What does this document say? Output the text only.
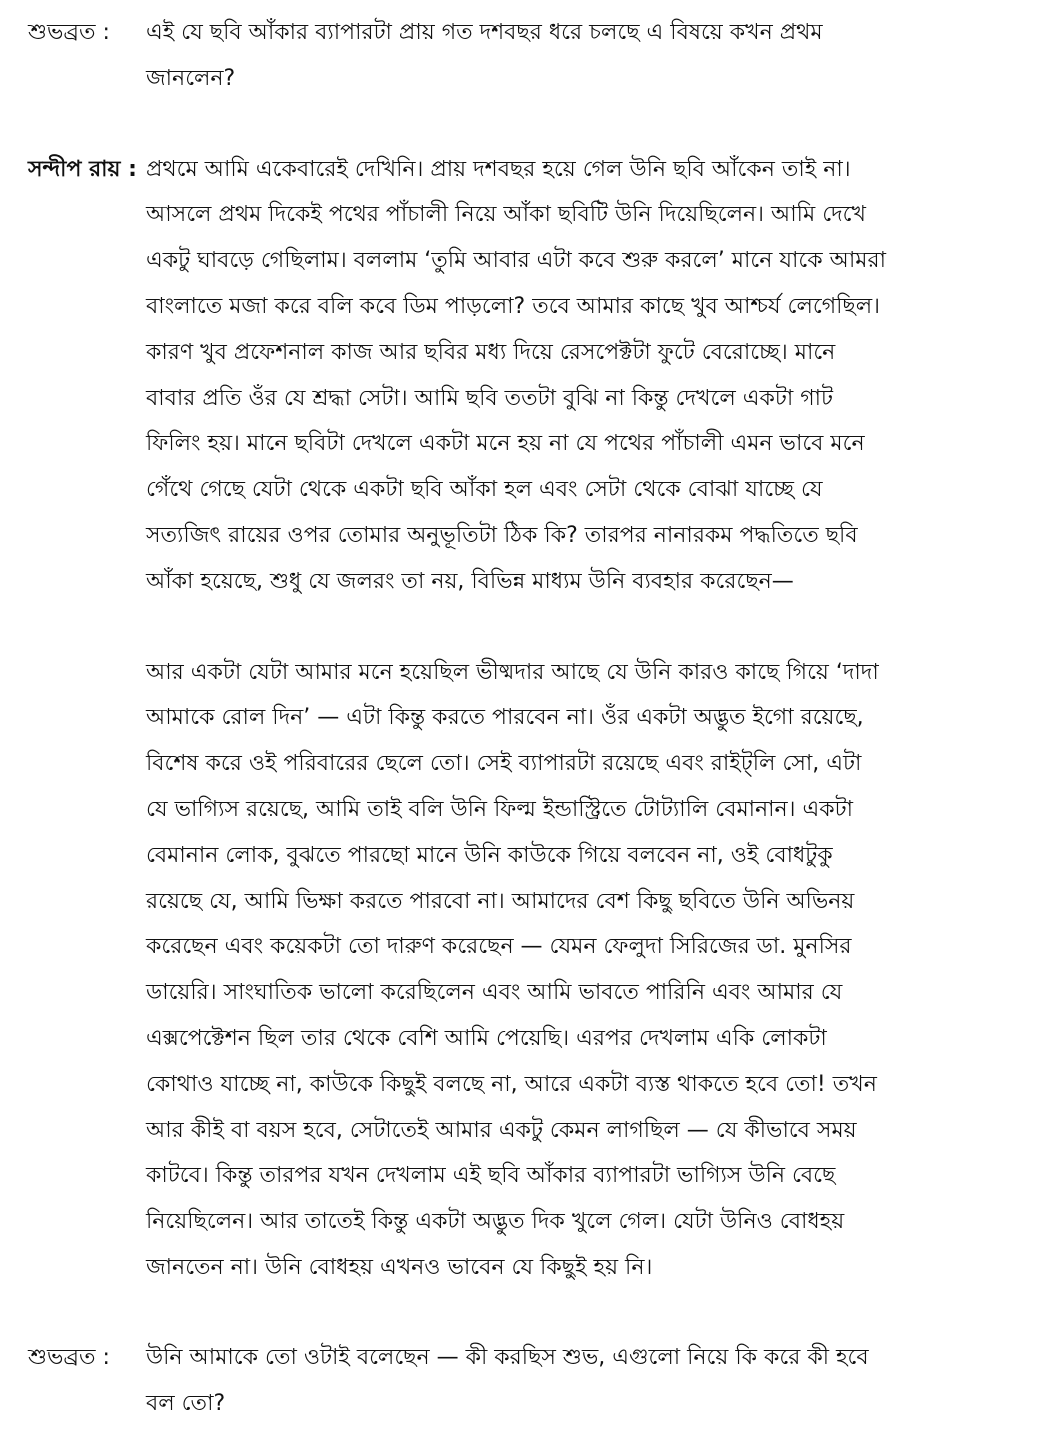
শুভব্রত :	এই যে ছবি আঁকার ব্যাপারটা প্রায় গত দশবছর ধরে চলছে এ বিষয়ে কখন প্রথম
জানলেন?
সন্দীপ রায় : প্রথমে আমি একেবারেই দেখিনি। প্রায় দশবছর হয়ে গেল উনি ছবি আঁকেন তাই না।
আসলে প্রথম দিকেই পথের পাঁচালী নিয়ে আঁকা ছবিটি উনি দিয়েছিলেন। আমি দেখে
একটু ঘাবড়ে গেছিলাম। বললাম ‘তুমি আবার এটা কবে শুরু করলে’ মানে যাকে আমরা
বাংলাতে মজা করে বলি কবে ডিম পাড়লো? তবে আমার কাছে খুব আশ্চর্য লেগেছিল।
কারণ খুব প্রফেশনাল কাজ আর ছবির মধ্য দিয়ে রেসপেক্টটা ফুটে বেরোচ্ছে। মানে
বাবার প্রতি ওঁর যে শ্রদ্ধা সেটা। আমি ছবি ততটা বুঝি না কিন্তু দেখলে একটা গাট
ফিলিং হয়। মানে ছবিটা দেখলে একটা মনে হয় না যে পথের পাঁচালী এমন ভাবে মনে
গেঁথে গেছে যেটা থেকে একটা ছবি আঁকা হল এবং সেটা থেকে বোঝা যাচ্ছে যে
সত্যজিৎ রায়ের ওপর তোমার অনুভূতিটা ঠিক কি? তারপর নানারকম পদ্ধতিতে ছবি
আঁকা হয়েছে, শুধু যে জলরং তা নয়, বিভিন্ন মাধ্যম উনি ব্যবহার করেছেন—
আর একটা যেটা আমার মনে হয়েছিল ভীষ্মদার আছে যে উনি কারও কাছে গিয়ে ‘দাদা
আমাকে রোল দিন’ — এটা কিন্তু করতে পারবেন না। ওঁর একটা অদ্ভুত ইগো রয়েছে,
বিশেষ করে ওই পরিবারের ছেলে তো। সেই ব্যাপারটা রয়েছে এবং রাইট্‌লি সো, এটা
যে ভাগ্যিস রয়েছে, আমি তাই বলি উনি ফিল্ম ইন্ডাস্ট্রিতে টোট্যালি বেমানান। একটা
বেমানান লোক, বুঝতে পারছো মানে উনি কাউকে গিয়ে বলবেন না, ওই বোধটুকু
রয়েছে যে, আমি ভিক্ষা করতে পারবো না। আমাদের বেশ কিছু ছবিতে উনি অভিনয়
করেছেন এবং কয়েকটা তো দারুণ করেছেন — যেমন ফেলুদা সিরিজের ডা. মুনসির
ডায়েরি। সাংঘাতিক ভালো করেছিলেন এবং আমি ভাবতে পারিনি এবং আমার যে
এক্সপেক্টেশন ছিল তার থেকে বেশি আমি পেয়েছি। এরপর দেখলাম একি লোকটা
কোথাও যাচ্ছে না, কাউকে কিছুই বলছে না, আরে একটা ব্যস্ত থাকতে হবে তো! তখন
আর কীই বা বয়স হবে, সেটাতেই আমার একটু কেমন লাগছিল — যে কীভাবে সময়
কাটবে। কিন্তু তারপর যখন দেখলাম এই ছবি আঁকার ব্যাপারটা ভাগ্যিস উনি বেছে
নিয়েছিলেন। আর তাতেই কিন্তু একটা অদ্ভুত দিক খুলে গেল। যেটা উনিও বোধহয়
জানতেন না। উনি বোধহয় এখনও ভাবেন যে কিছুই হয় নি।
শুভব্রত :	উনি আমাকে তো ওটাই বলেছেন — কী করছিস শুভ, এগুলো নিয়ে কি করে কী হবে
বল তো?
